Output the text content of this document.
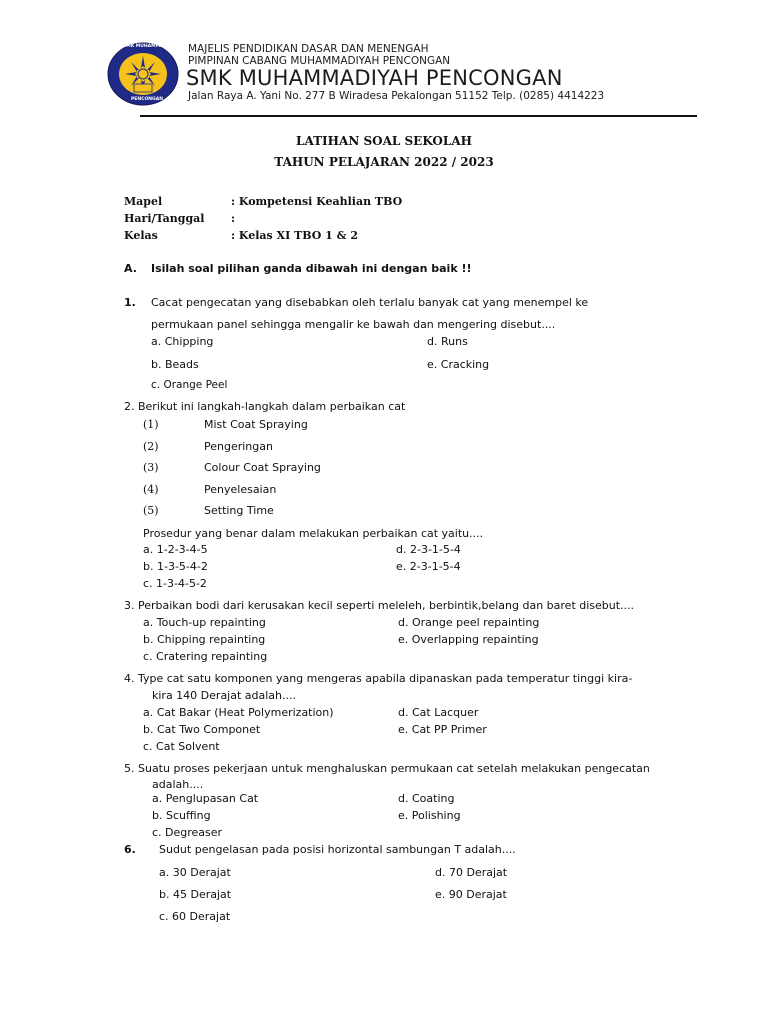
SMK MUHAMMADIYAH
PENCONGAN
MAJELIS PENDIDIKAN DASAR DAN MENENGAH
PIMPINAN CABANG MUHAMMADIYAH PENCONGAN
SMK MUHAMMADIYAH PENCONGAN
Jalan Raya A. Yani No. 277 B Wiradesa Pekalongan 51152 Telp. (0285) 4414223
LATIHAN SOAL SEKOLAH
TAHUN PELAJARAN 2022 / 2023
Mapel	: Kompetensi Keahlian TBO
Hari/Tanggal :
Kelas	: Kelas XI TBO 1 & 2
A. Isilah soal pilihan ganda dibawah ini dengan baik !!
1. Cacat pengecatan yang disebabkan oleh terlalu banyak cat yang menempel ke
permukaan panel sehingga mengalir ke bawah dan mengering disebut....
a. Chipping
b. Beads
c. Orange Peel
d. Runs
e. Cracking
2. Berikut ini langkah-langkah dalam perbaikan cat
(1)	Mist Coat Spraying
(2)	Pengeringan
(3)	Colour Coat Spraying
(4)	Penyelesaian
(5)	Setting Time
Prosedur yang benar dalam melakukan perbaikan cat yaitu....
a. 1-2-3-4-5
b. 1-3-5-4-2
c. 1-3-4-5-2
d. 2-3-1-5-4
e. 2-3-1-5-4
3. Perbaikan bodi dari kerusakan kecil seperti meleleh, berbintik,belang dan baret disebut....
a. Touch-up repainting
b. Chipping repainting
c. Cratering repainting
d. Orange peel repainting
e. Overlapping repainting
4. Type cat satu komponen yang mengeras apabila dipanaskan pada temperatur tinggi kira-
kira 140 Derajat adalah....
a. Cat Bakar (Heat Polymerization)
b. Cat Two Componet
c. Cat Solvent
d. Cat Lacquer
e. Cat PP Primer
5. Suatu proses pekerjaan untuk menghaluskan permukaan cat setelah melakukan pengecatan
adalah....
a. Penglupasan Cat
b. Scuffing
c. Degreaser
d. Coating
e. Polishing
6. Sudut pengelasan pada posisi horizontal sambungan T adalah....
a. 30 Derajat
b. 45 Derajat
c. 60 Derajat
d. 70 Derajat
e. 90 Derajat
